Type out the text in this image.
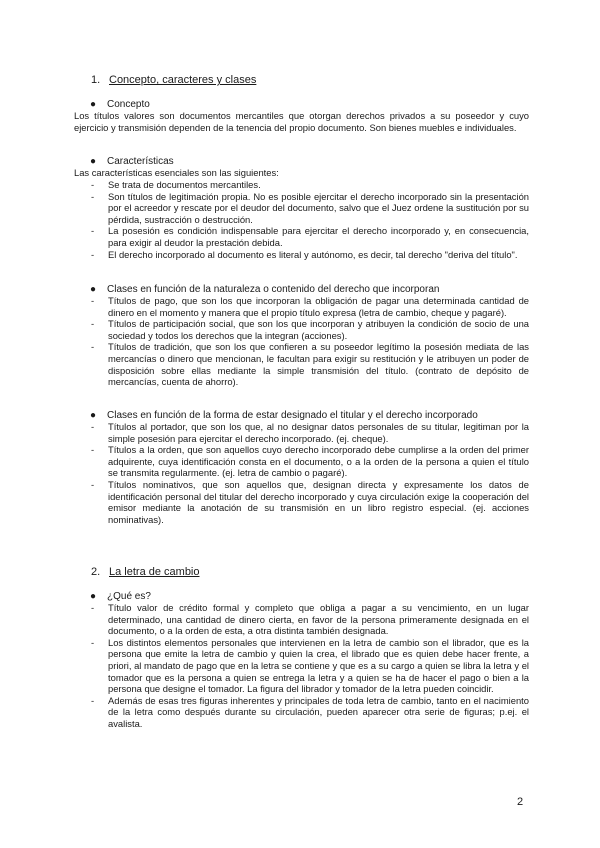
1. Concepto, caracteres y clases
● Concepto
Los títulos valores son documentos mercantiles que otorgan derechos privados a su poseedor y cuyo ejercicio y transmisión dependen de la tenencia del propio documento. Son bienes muebles e individuales.
● Características
Las características esenciales son las siguientes:
- Se trata de documentos mercantiles.
- Son títulos de legitimación propia. No es posible ejercitar el derecho incorporado sin la presentación por el acreedor y rescate por el deudor del documento, salvo que el Juez ordene la sustitución por su pérdida, sustracción o destrucción.
- La posesión es condición indispensable para ejercitar el derecho incorporado y, en consecuencia, para exigir al deudor la prestación debida.
- El derecho incorporado al documento es literal y autónomo, es decir, tal derecho "deriva del título".
● Clases en función de la naturaleza o contenido del derecho que incorporan
- Títulos de pago, que son los que incorporan la obligación de pagar una determinada cantidad de dinero en el momento y manera que el propio título expresa (letra de cambio, cheque y pagaré).
- Títulos de participación social, que son los que incorporan y atribuyen la condición de socio de una sociedad y todos los derechos que la integran (acciones).
- Títulos de tradición, que son los que confieren a su poseedor legítimo la posesión mediata de las mercancías o dinero que mencionan, le facultan para exigir su restitución y le atribuyen un poder de disposición sobre ellas mediante la simple transmisión del título. (contrato de depósito de mercancías, cuenta de ahorro).
● Clases en función de la forma de estar designado el titular y el derecho incorporado
- Títulos al portador, que son los que, al no designar datos personales de su titular, legitiman por la simple posesión para ejercitar el derecho incorporado. (ej. cheque).
- Títulos a la orden, que son aquellos cuyo derecho incorporado debe cumplirse a la orden del primer adquirente, cuya identificación consta en el documento, o a la orden de la persona a quien el título se transmita regularmente. (ej. letra de cambio o pagaré).
- Títulos nominativos, que son aquellos que, designan directa y expresamente los datos de identificación personal del titular del derecho incorporado y cuya circulación exige la cooperación del emisor mediante la anotación de su transmisión en un libro registro especial. (ej. acciones nominativas).
2. La letra de cambio
● ¿Qué es?
- Título valor de crédito formal y completo que obliga a pagar a su vencimiento, en un lugar determinado, una cantidad de dinero cierta, en favor de la persona primeramente designada en el documento, o a la orden de esta, a otra distinta también designada.
- Los distintos elementos personales que intervienen en la letra de cambio son el librador, que es la persona que emite la letra de cambio y quien la crea, el librado que es quien debe hacer frente, a priori, al mandato de pago que en la letra se contiene y que es a su cargo a quien se libra la letra y el tomador que es la persona a quien se entrega la letra y a quien se ha de hacer el pago o bien a la persona que designe el tomador. La figura del librador y tomador de la letra pueden coincidir.
- Además de esas tres figuras inherentes y principales de toda letra de cambio, tanto en el nacimiento de la letra como después durante su circulación, pueden aparecer otra serie de figuras; p.ej. el avalista.
2
